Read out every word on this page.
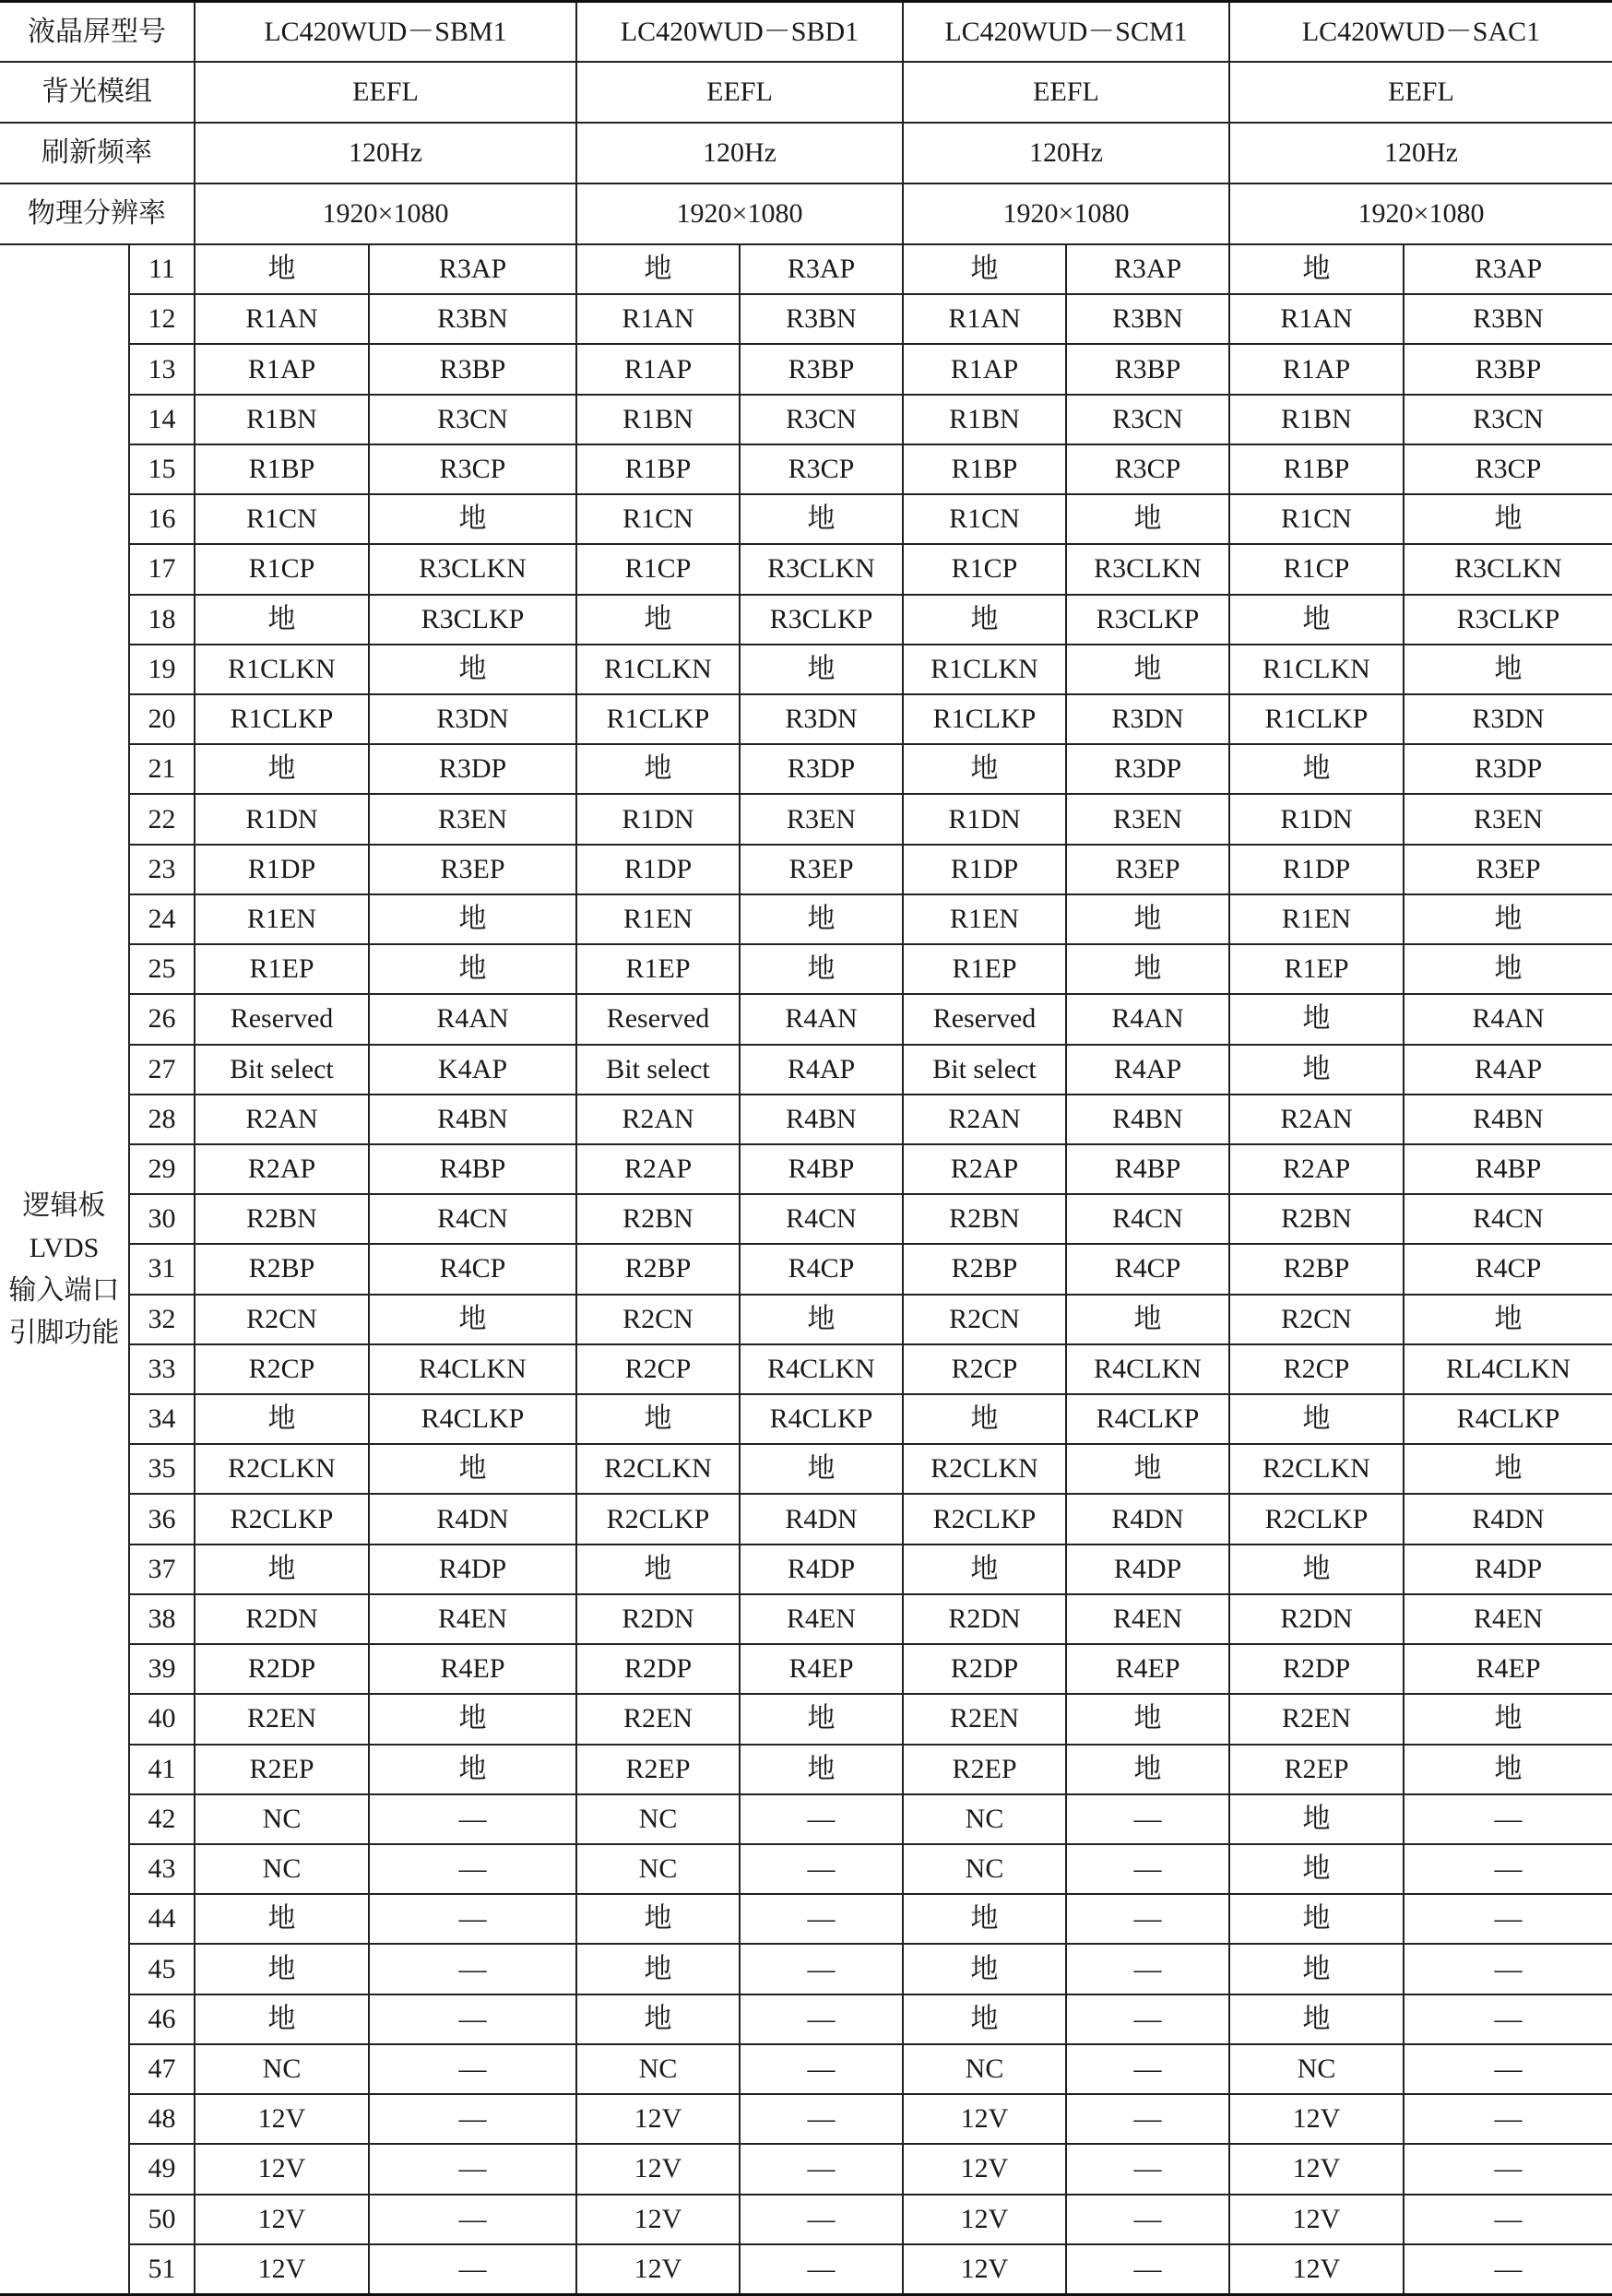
液晶屏型号	LC420WUD－SBM1	LC420WUD－SBD1	LC420WUD－SCM1	LC420WUD－SAC1
背光模组	EEFL	EEFL	EEFL	EEFL
刷新频率	120Hz	120Hz	120Hz	120Hz
物理分辨率	1920×1080	1920×1080	1920×1080	1920×1080
逻辑板
LVDS
输入端口
引脚功能
11	地	R3AP	地	R3AP	地	R3AP	地	R3AP
12	R1AN	R3BN	R1AN	R3BN	R1AN	R3BN	R1AN	R3BN
13	R1AP	R3BP	R1AP	R3BP	R1AP	R3BP	R1AP	R3BP
14	R1BN	R3CN	R1BN	R3CN	R1BN	R3CN	R1BN	R3CN
15	R1BP	R3CP	R1BP	R3CP	R1BP	R3CP	R1BP	R3CP
16	R1CN	地	R1CN	地	R1CN	地	R1CN	地
17	R1CP	R3CLKN	R1CP	R3CLKN	R1CP	R3CLKN	R1CP	R3CLKN
18	地	R3CLKP	地	R3CLKP	地	R3CLKP	地	R3CLKP
19	R1CLKN	地	R1CLKN	地	R1CLKN	地	R1CLKN	地
20	R1CLKP	R3DN	R1CLKP	R3DN	R1CLKP	R3DN	R1CLKP	R3DN
21	地	R3DP	地	R3DP	地	R3DP	地	R3DP
22	R1DN	R3EN	R1DN	R3EN	R1DN	R3EN	R1DN	R3EN
23	R1DP	R3EP	R1DP	R3EP	R1DP	R3EP	R1DP	R3EP
24	R1EN	地	R1EN	地	R1EN	地	R1EN	地
25	R1EP	地	R1EP	地	R1EP	地	R1EP	地
26	Reserved	R4AN	Reserved	R4AN	Reserved	R4AN	地	R4AN
27	Bit select	K4AP	Bit select	R4AP	Bit select	R4AP	地	R4AP
28	R2AN	R4BN	R2AN	R4BN	R2AN	R4BN	R2AN	R4BN
29	R2AP	R4BP	R2AP	R4BP	R2AP	R4BP	R2AP	R4BP
30	R2BN	R4CN	R2BN	R4CN	R2BN	R4CN	R2BN	R4CN
31	R2BP	R4CP	R2BP	R4CP	R2BP	R4CP	R2BP	R4CP
32	R2CN	地	R2CN	地	R2CN	地	R2CN	地
33	R2CP	R4CLKN	R2CP	R4CLKN	R2CP	R4CLKN	R2CP	RL4CLKN
34	地	R4CLKP	地	R4CLKP	地	R4CLKP	地	R4CLKP
35	R2CLKN	地	R2CLKN	地	R2CLKN	地	R2CLKN	地
36	R2CLKP	R4DN	R2CLKP	R4DN	R2CLKP	R4DN	R2CLKP	R4DN
37	地	R4DP	地	R4DP	地	R4DP	地	R4DP
38	R2DN	R4EN	R2DN	R4EN	R2DN	R4EN	R2DN	R4EN
39	R2DP	R4EP	R2DP	R4EP	R2DP	R4EP	R2DP	R4EP
40	R2EN	地	R2EN	地	R2EN	地	R2EN	地
41	R2EP	地	R2EP	地	R2EP	地	R2EP	地
42	NC	—	NC	—	NC	—	地	—
43	NC	—	NC	—	NC	—	地	—
44	地	—	地	—	地	—	地	—
45	地	—	地	—	地	—	地	—
46	地	—	地	—	地	—	地	—
47	NC	—	NC	—	NC	—	NC	—
48	12V	—	12V	—	12V	—	12V	—
49	12V	—	12V	—	12V	—	12V	—
50	12V	—	12V	—	12V	—	12V	—
51	12V	—	12V	—	12V	—	12V	—
